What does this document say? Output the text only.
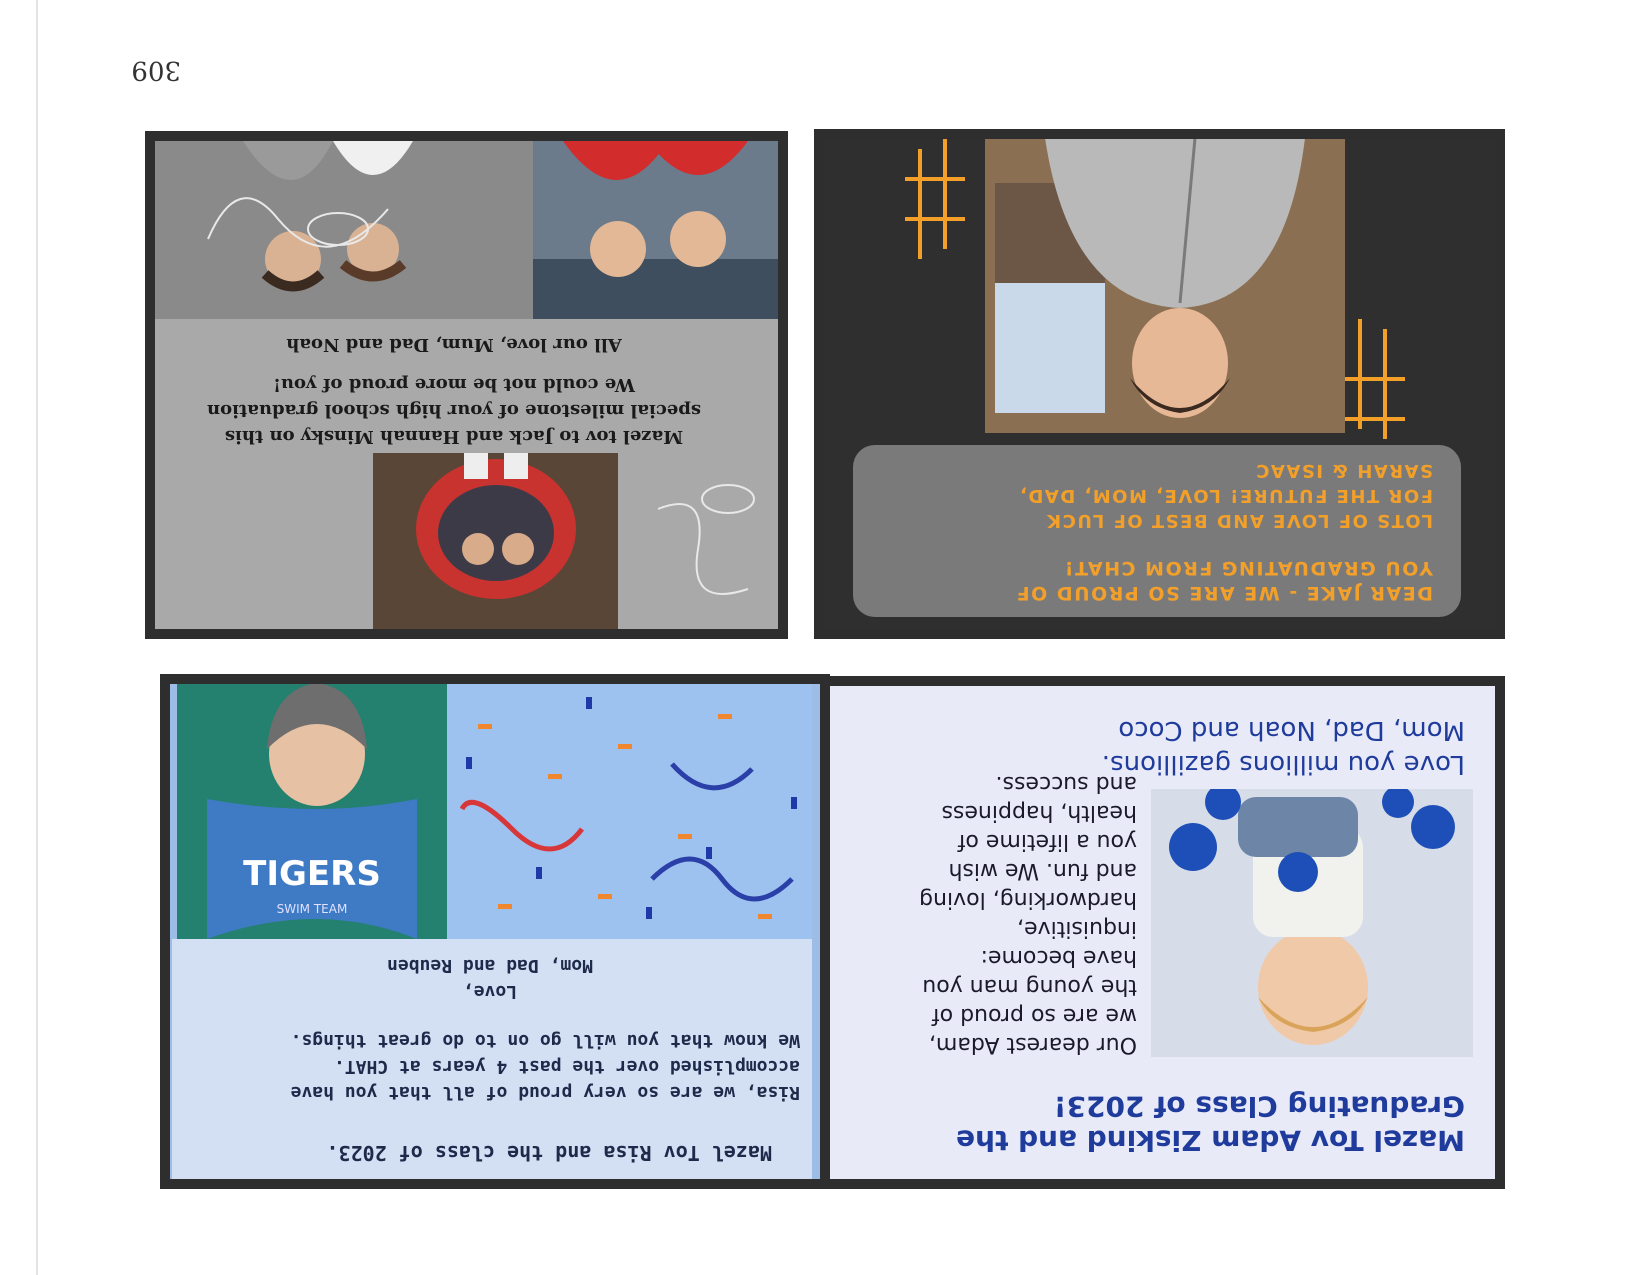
309
Mazel Tov Adam Ziskind and the Graduating Class of 2023!
Our dearest Adam,
we are so proud of
the young man you
have become:
inquisitive,
hardworking, loving
and fun. We wish
you a lifetime of
health, happiness
and success.
Love you millions gazillions.
Mom, Dad, Noah and Coco
DEAR JAKE - WE ARE SO PROUD OF
YOU GRADUATING FROM CHAT!
LOTS OF LOVE AND BEST OF LUCK
FOR THE FUTURE! LOVE, MOM, DAD,
SARAH & ISAAC
Mazel Tov Risa and the class of 2023.
Risa, we are so very proud of all that you have
accomplished over the past 4 years at CHAT.
We know that you will go on to do great things.
Love,
Mom, Dad and Reuben
TIGERS
SWIM TEAM
Mazel tov to Jack and Hannah Minsky on this
special milestone of your high school graduation
We could not be more proud of you!
All our love, Mum, Dad and Noah
